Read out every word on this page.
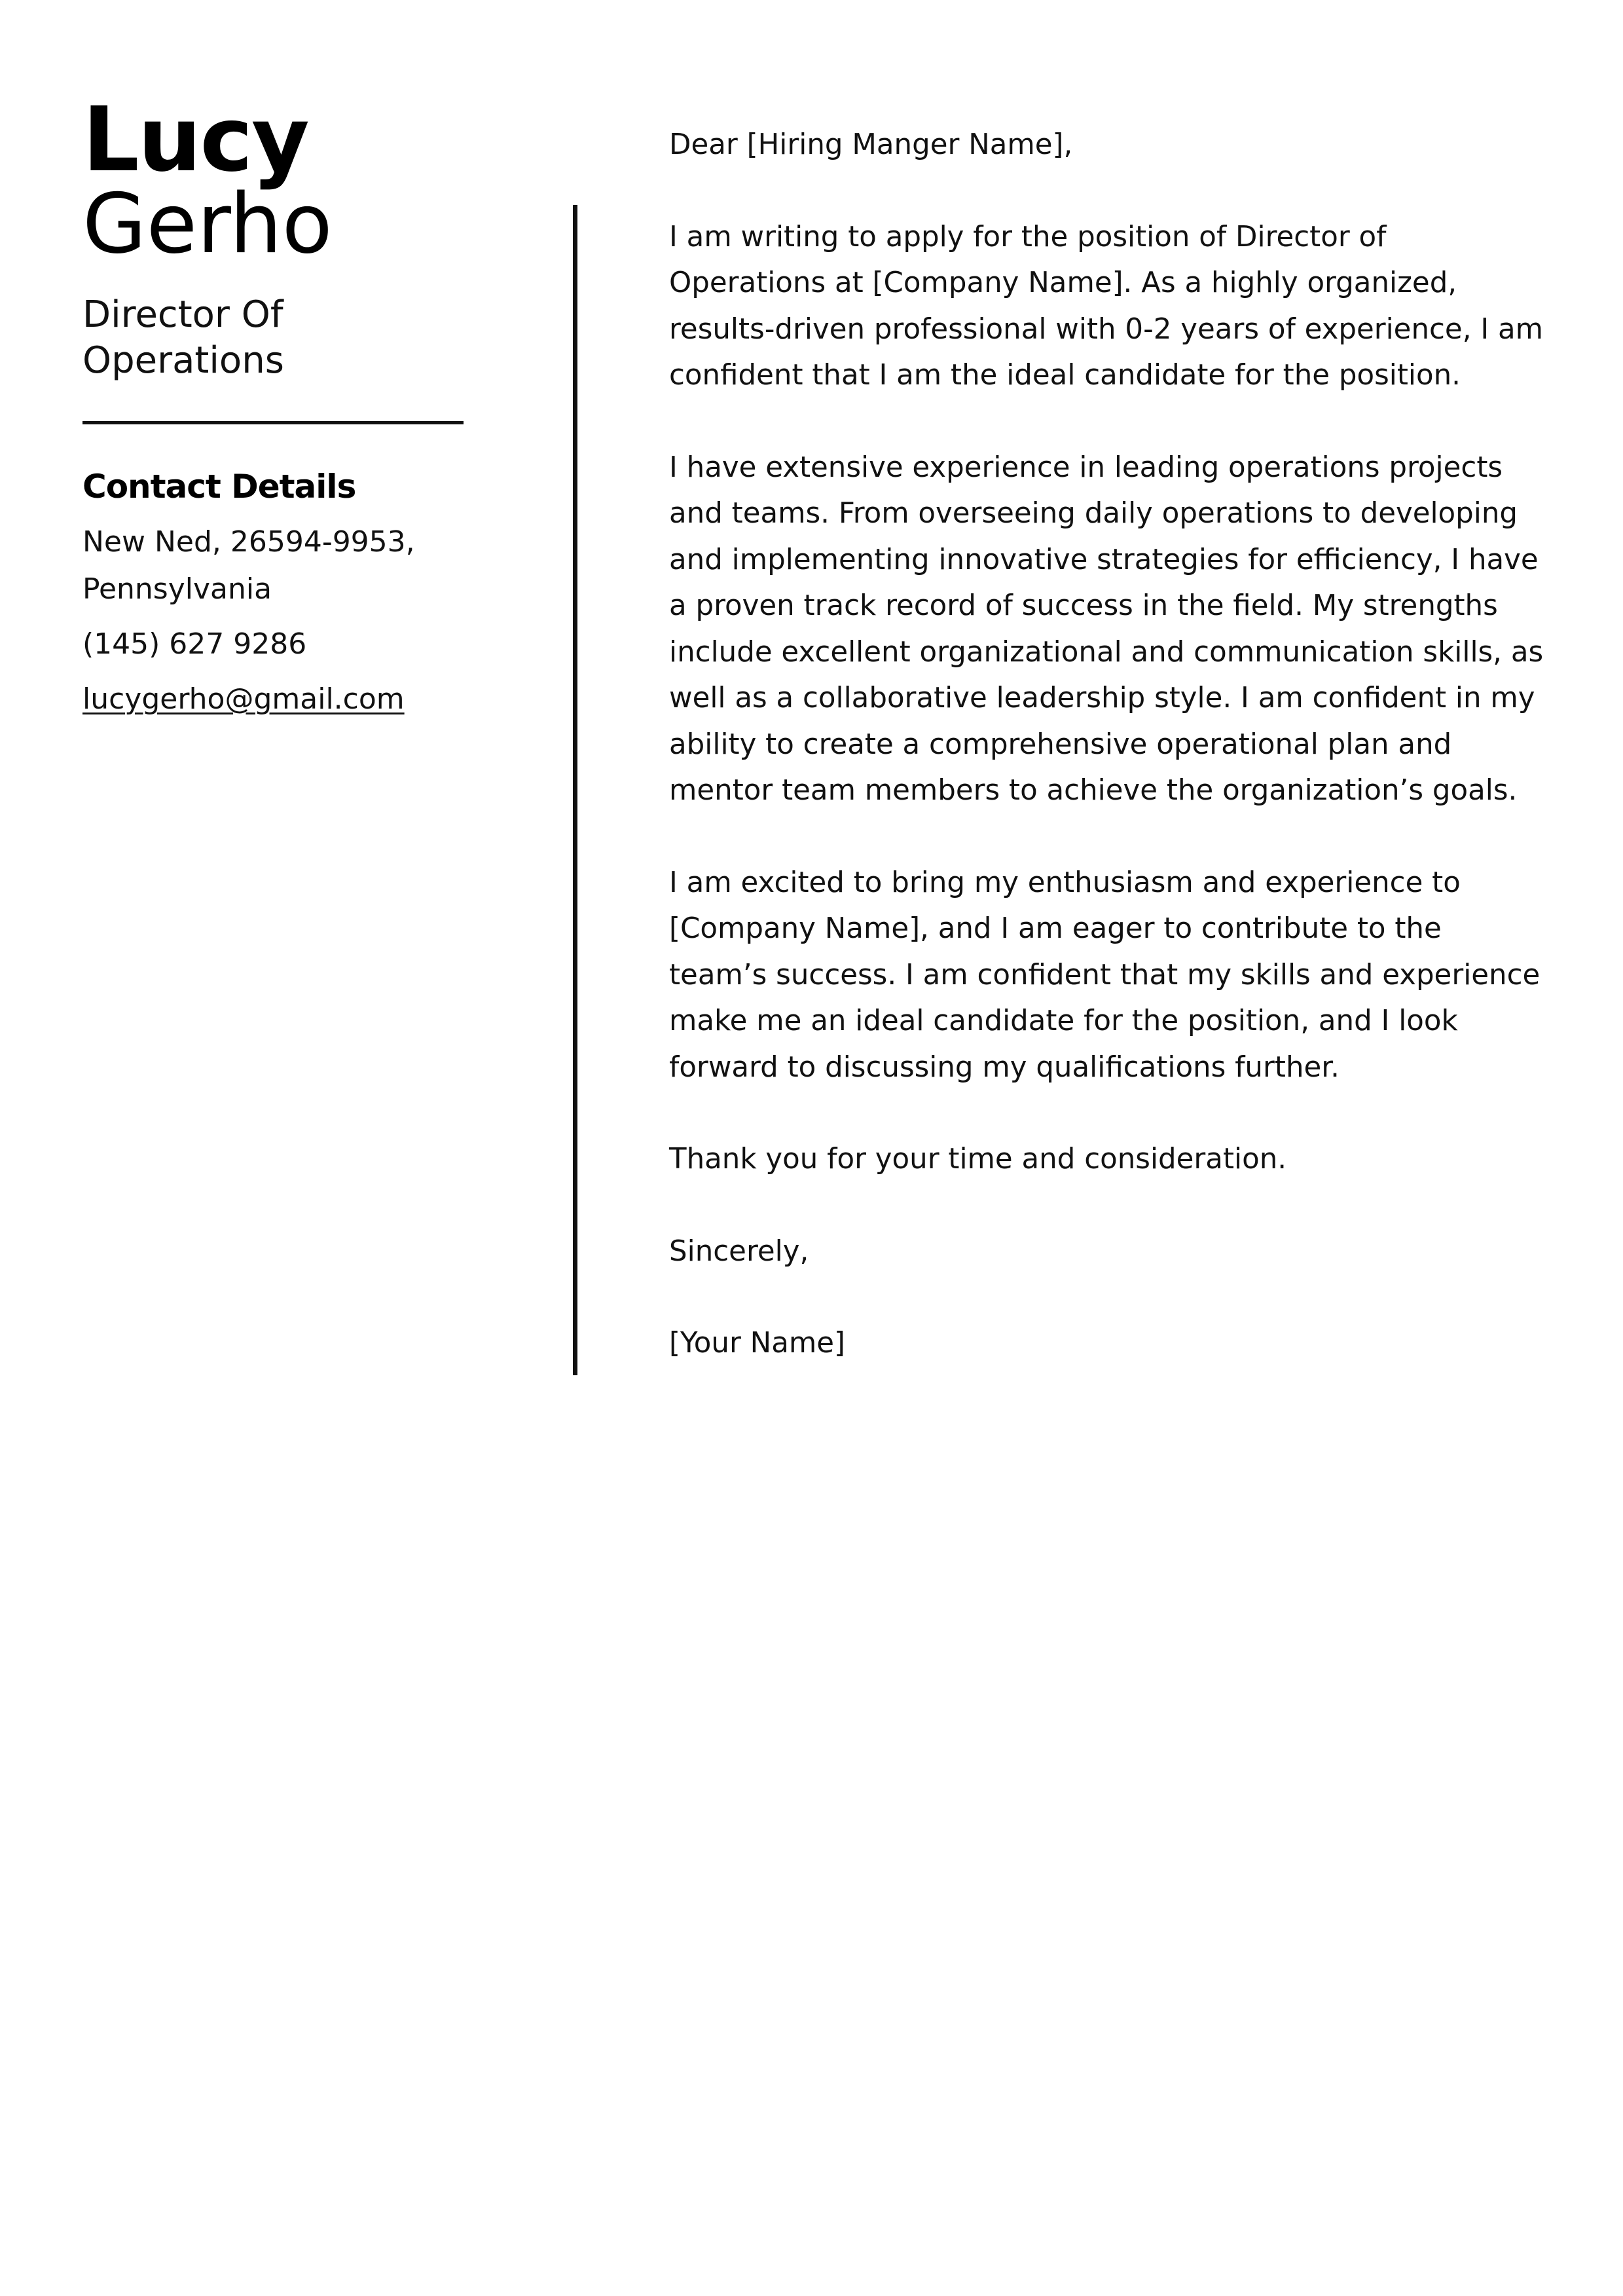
Lucy
Gerho
Director Of Operations
Contact Details
New Ned, 26594-9953, Pennsylvania
(145) 627 9286
lucygerho@gmail.com

Dear [Hiring Manger Name],

I am writing to apply for the position of Director of Operations at [Company Name]. As a highly organized, results-driven professional with 0-2 years of experience, I am confident that I am the ideal candidate for the position.

I have extensive experience in leading operations projects and teams. From overseeing daily operations to developing and implementing innovative strategies for efficiency, I have a proven track record of success in the field. My strengths include excellent organizational and communication skills, as well as a collaborative leadership style. I am confident in my ability to create a comprehensive operational plan and mentor team members to achieve the organization’s goals.

I am excited to bring my enthusiasm and experience to [Company Name], and I am eager to contribute to the team’s success. I am confident that my skills and experience make me an ideal candidate for the position, and I look forward to discussing my qualifications further.

Thank you for your time and consideration.

Sincerely,

[Your Name]
